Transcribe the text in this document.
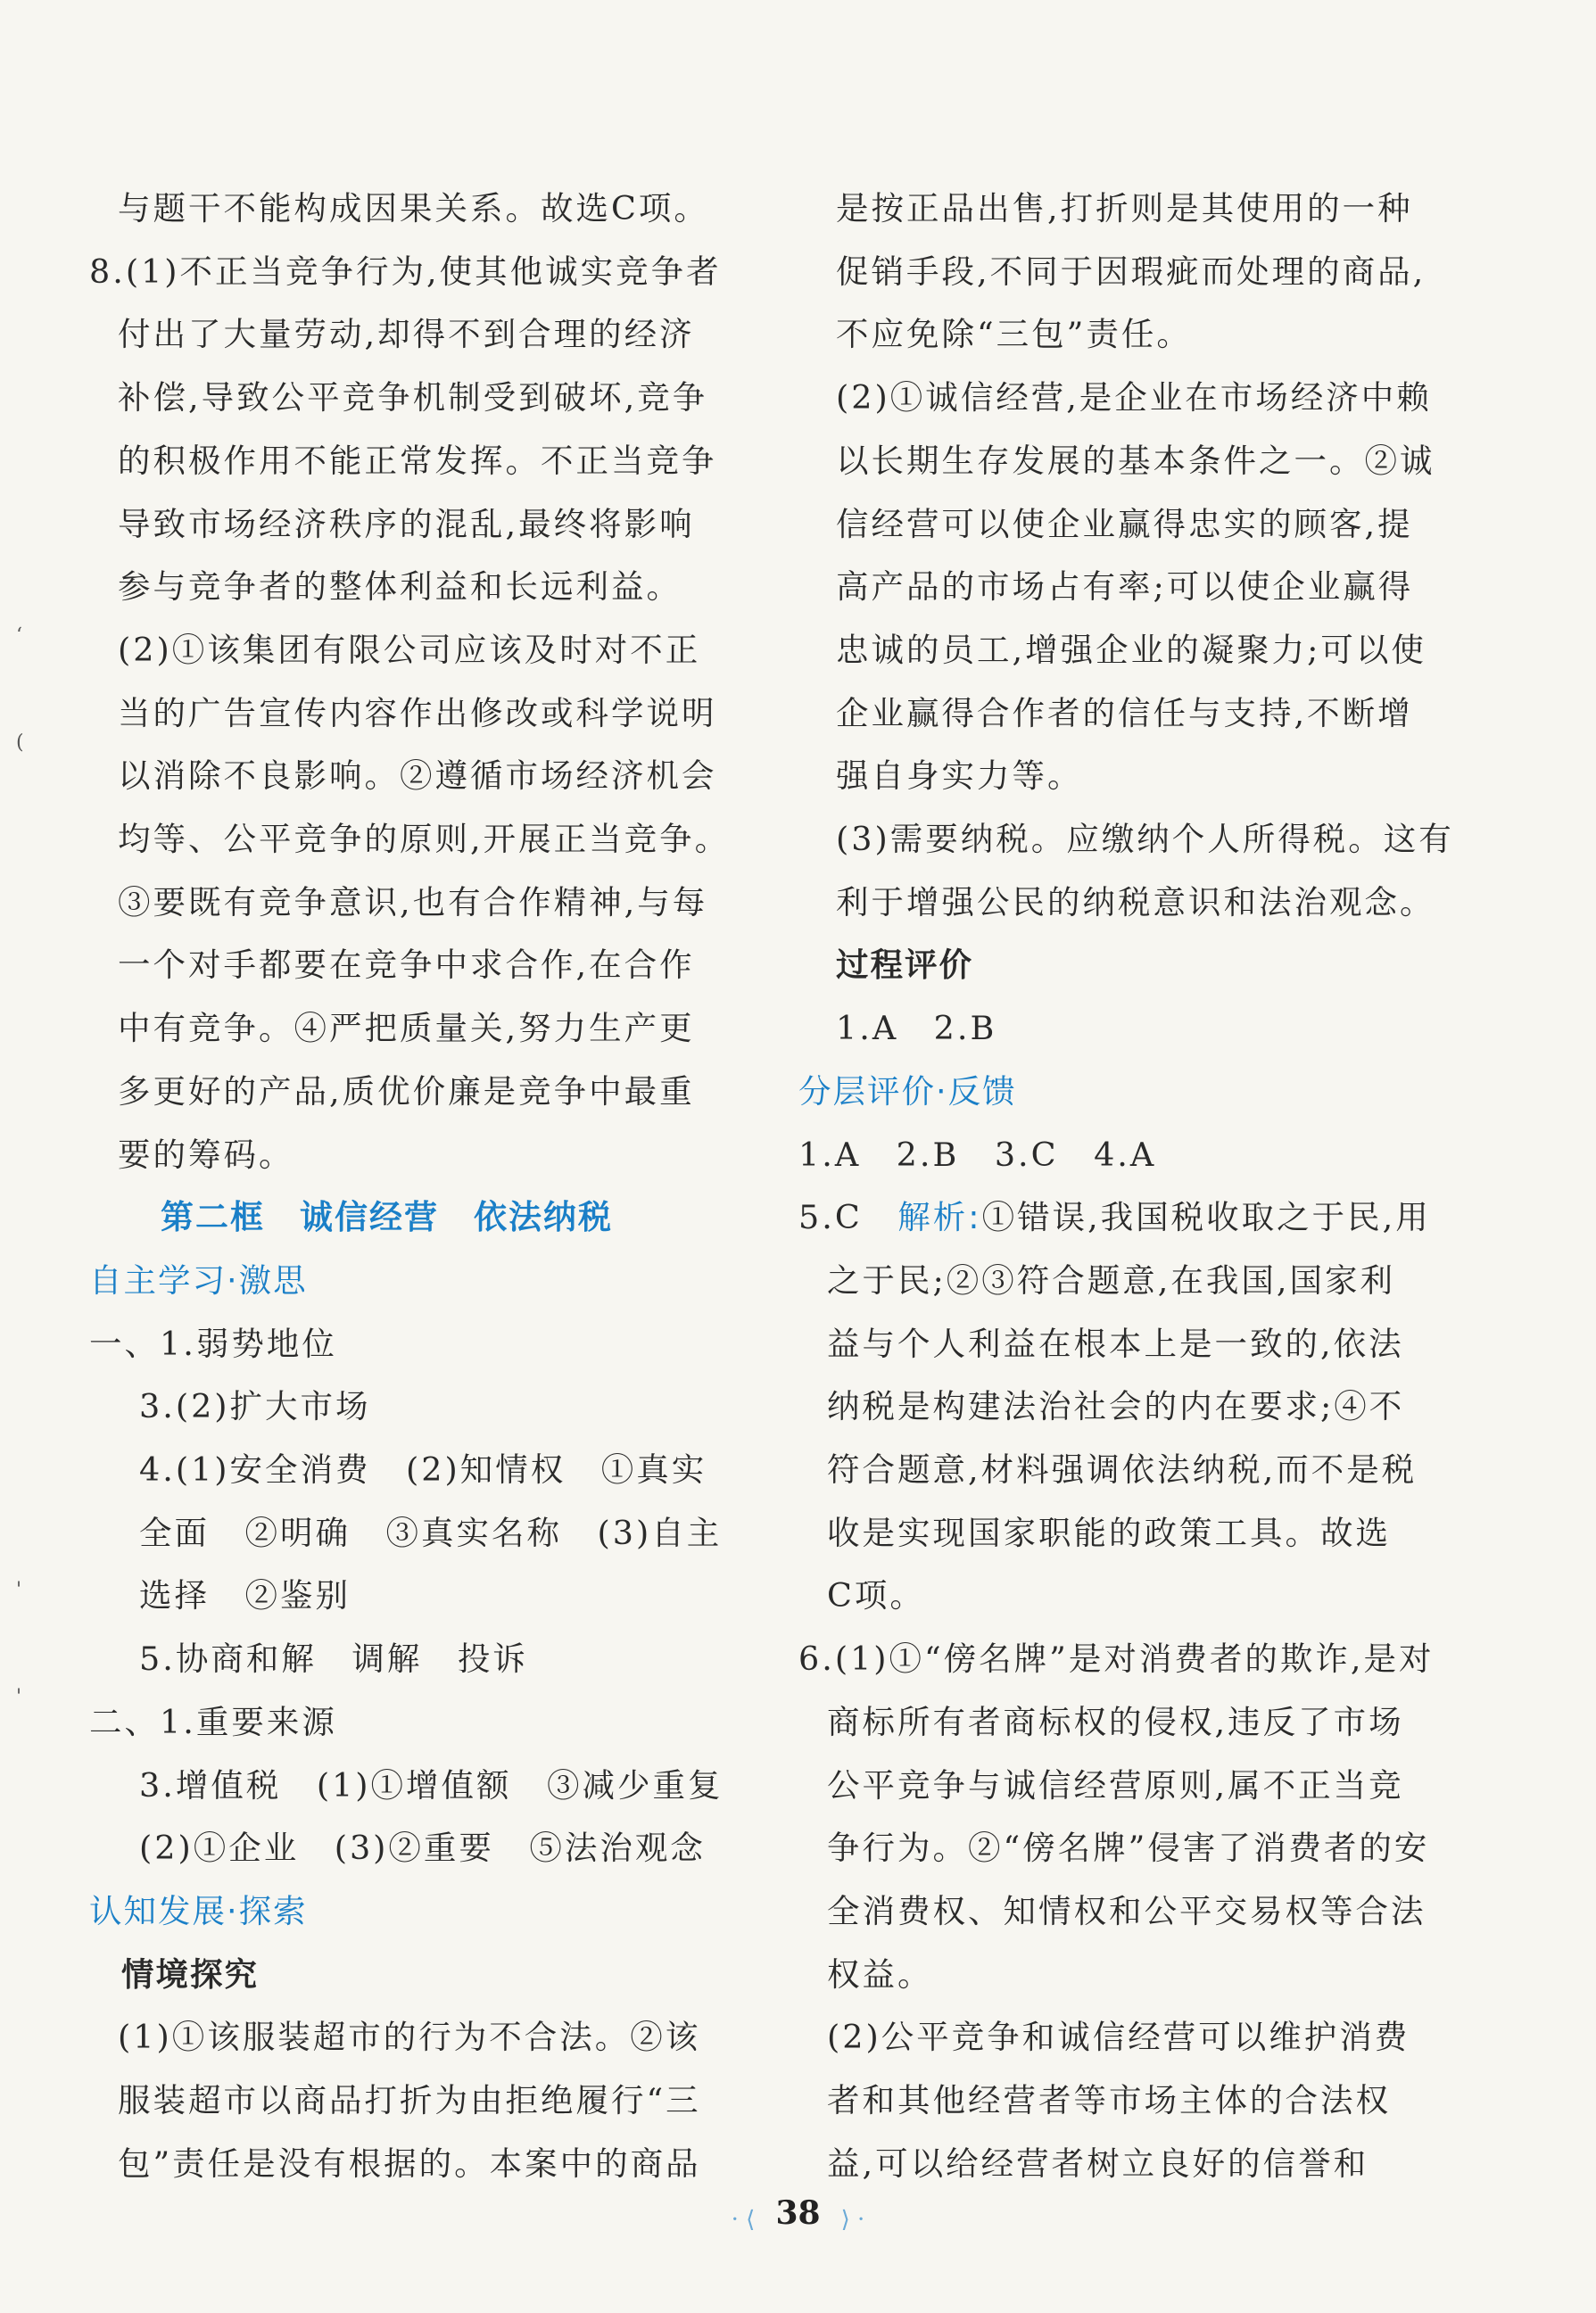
与题干不能构成因果关系。故选C项。
8.(1)不正当竞争行为,使其他诚实竞争者
付出了大量劳动,却得不到合理的经济
补偿,导致公平竞争机制受到破坏,竞争
的积极作用不能正常发挥。不正当竞争
导致市场经济秩序的混乱,最终将影响
参与竞争者的整体利益和长远利益。
(2)①该集团有限公司应该及时对不正
当的广告宣传内容作出修改或科学说明
以消除不良影响。②遵循市场经济机会
均等、公平竞争的原则,开展正当竞争。
③要既有竞争意识,也有合作精神,与每
一个对手都要在竞争中求合作,在合作
中有竞争。④严把质量关,努力生产更
多更好的产品,质优价廉是竞争中最重
要的筹码。
第二框　诚信经营　依法纳税
自主学习·激思
一、1.弱势地位
3.(2)扩大市场
4.(1)安全消费　(2)知情权　①真实
全面　②明确　③真实名称　(3)自主
选择　②鉴别
5.协商和解　调解　投诉
二、1.重要来源
3.增值税　(1)①增值额　③减少重复
(2)①企业　(3)②重要　⑤法治观念
认知发展·探索
情境探究
(1)①该服装超市的行为不合法。②该
服装超市以商品打折为由拒绝履行“三
包”责任是没有根据的。本案中的商品
是按正品出售,打折则是其使用的一种
促销手段,不同于因瑕疵而处理的商品,
不应免除“三包”责任。
(2)①诚信经营,是企业在市场经济中赖
以长期生存发展的基本条件之一。②诚
信经营可以使企业赢得忠实的顾客,提
高产品的市场占有率;可以使企业赢得
忠诚的员工,增强企业的凝聚力;可以使
企业赢得合作者的信任与支持,不断增
强自身实力等。
(3)需要纳税。应缴纳个人所得税。这有
利于增强公民的纳税意识和法治观念。
过程评价
1.A　2.B
分层评价·反馈
1.A　2.B　3.C　4.A
5.C　解析:①错误,我国税收取之于民,用
之于民;②③符合题意,在我国,国家利
益与个人利益在根本上是一致的,依法
纳税是构建法治社会的内在要求;④不
符合题意,材料强调依法纳税,而不是税
收是实现国家职能的政策工具。故选
C项。
6.(1)①“傍名牌”是对消费者的欺诈,是对
商标所有者商标权的侵权,违反了市场
公平竞争与诚信经营原则,属不正当竞
争行为。②“傍名牌”侵害了消费者的安
全消费权、知情权和公平交易权等合法
权益。
(2)公平竞争和诚信经营可以维护消费
者和其他经营者等市场主体的合法权
益,可以给经营者树立良好的信誉和
‘
(
'
'
· ⟨ 38 ⟩ ·
